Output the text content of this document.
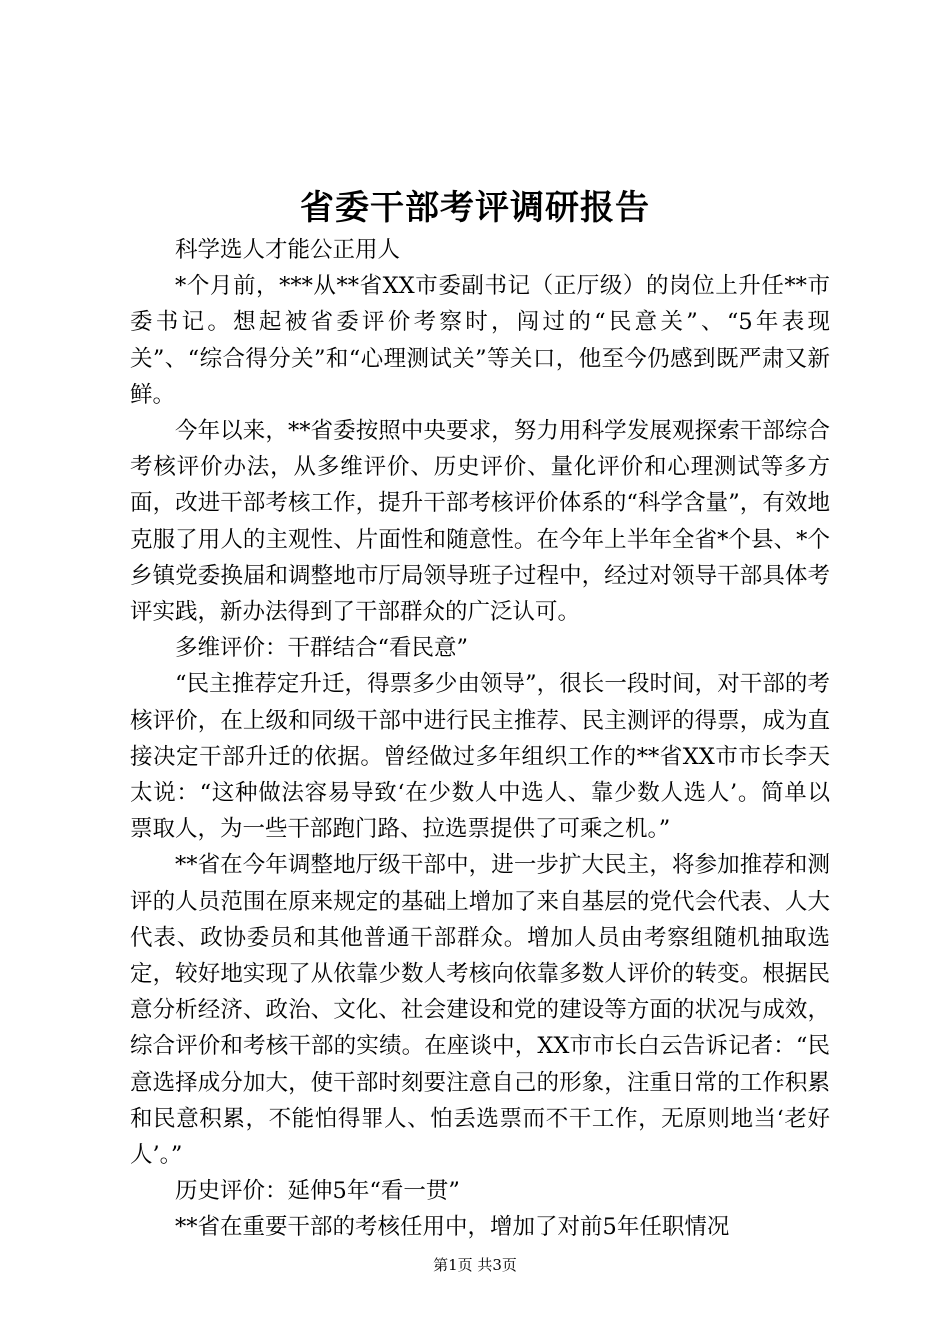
省委干部考评调研报告

科学选人才能公正用人

*个月前，***从**省XX市委副书记（正厅级）的岗位上升任**市委书记。想起被省委评价考察时，闯过的“民意关”、“5年表现关”、“综合得分关”和“心理测试关”等关口，他至今仍感到既严肃又新鲜。

今年以来，**省委按照中央要求，努力用科学发展观探索干部综合考核评价办法，从多维评价、历史评价、量化评价和心理测试等多方面，改进干部考核工作，提升干部考核评价体系的“科学含量”，有效地克服了用人的主观性、片面性和随意性。在今年上半年全省*个县、*个乡镇党委换届和调整地市厅局领导班子过程中，经过对领导干部具体考评实践，新办法得到了干部群众的广泛认可。

多维评价：干群结合“看民意”

“民主推荐定升迁，得票多少由领导”，很长一段时间，对干部的考核评价，在上级和同级干部中进行民主推荐、民主测评的得票，成为直接决定干部升迁的依据。曾经做过多年组织工作的**省XX市市长李天太说：“这种做法容易导致‘在少数人中选人、靠少数人选人’。简单以票取人，为一些干部跑门路、拉选票提供了可乘之机。”

**省在今年调整地厅级干部中，进一步扩大民主，将参加推荐和测评的人员范围在原来规定的基础上增加了来自基层的党代会代表、人大代表、政协委员和其他普通干部群众。增加人员由考察组随机抽取选定，较好地实现了从依靠少数人考核向依靠多数人评价的转变。根据民意分析经济、政治、文化、社会建设和党的建设等方面的状况与成效，综合评价和考核干部的实绩。在座谈中，XX市市长白云告诉记者：“民意选择成分加大，使干部时刻要注意自己的形象，注重日常的工作积累和民意积累，不能怕得罪人、怕丢选票而不干工作，无原则地当‘老好人’。”

历史评价：延伸5年“看一贯”

**省在重要干部的考核任用中，增加了对前5年任职情况

第1页 共3页
